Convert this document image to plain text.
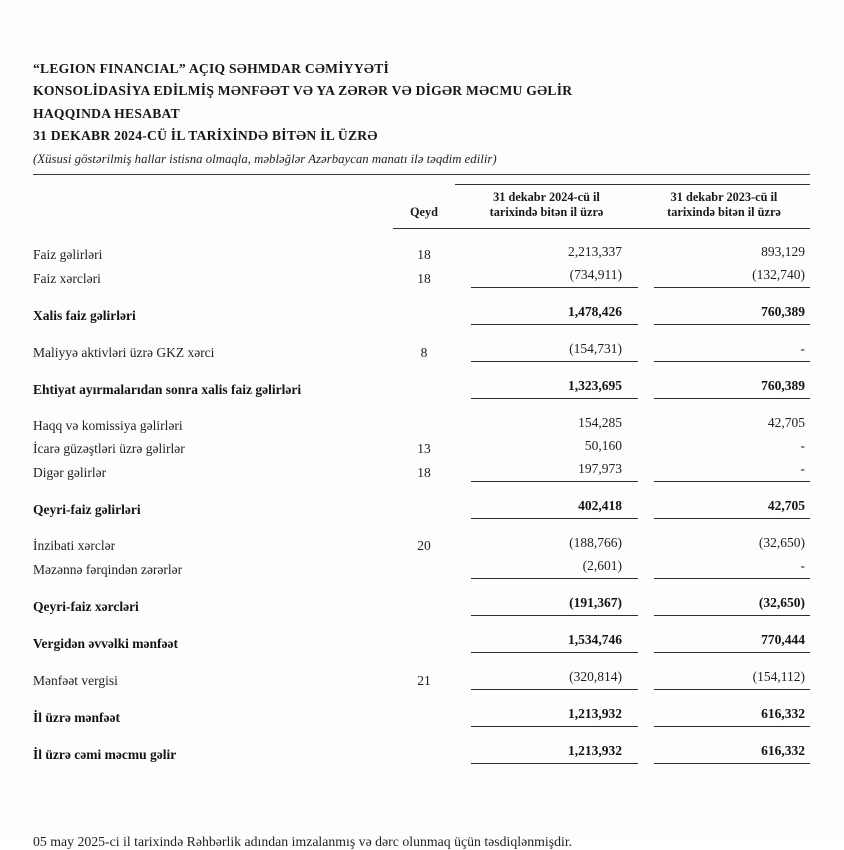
“LEGION FINANCIAL” AÇIQ SƏHMDAR CƏMİYYƏTİ
KONSOLİDASİYA EDİLMİŞ MƏNFƏƏT VƏ YA ZƏRƏR VƏ DİGƏR MƏCMU GƏLİR
HAQQINDA HESABAT
31 DEKABR 2024-CÜ İL TARİXİNDƏ BİTƏN İL ÜZRƏ
(Xüsusi göstərilmiş hallar istisna olmaqla, məbləğlər Azərbaycan manatı ilə təqdim edilir)
	Qeyd	31 dekabr 2024-cü il tarixində bitən il üzrə	31 dekabr 2023-cü il tarixində bitən il üzrə
Faiz gəlirləri	18	2,213,337	893,129

Faiz xərcləri	18	(734,911)	(132,740)

Xalis faiz gəlirləri		1,478,426	760,389

Maliyyə aktivləri üzrə GKZ xərci	8	(154,731)	-

Ehtiyat ayırmalarıdan sonra xalis faiz gəlirləri		1,323,695	760,389

Haqq və komissiya gəlirləri		154,285	42,705

İcarə güzəştləri üzrə gəlirlər	13	50,160	-

Digər gəlirlər	18	197,973	-

Qeyri-faiz gəlirləri		402,418	42,705

İnzibati xərclər	20	(188,766)	(32,650)

Məzənnə fərqindən zərərlər		(2,601)	-

Qeyri-faiz xərcləri		(191,367)	(32,650)

Vergidən əvvəlki mənfəət		1,534,746	770,444

Mənfəət vergisi	21	(320,814)	(154,112)

İl üzrə mənfəət		1,213,932	616,332

İl üzrə cəmi məcmu gəlir		1,213,932	616,332

05 may 2025-ci il tarixində Rəhbərlik adından imzalanmış və dərc olunmaq üçün təsdiqlənmişdir.
